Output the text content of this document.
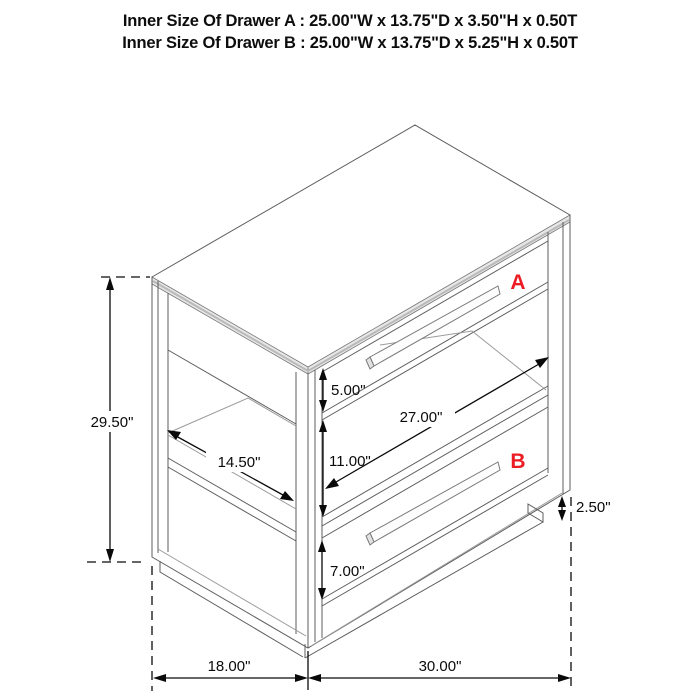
Inner Size Of Drawer A : 25.00"W x 13.75"D x 3.50"H x 0.50T
Inner Size Of Drawer B : 25.00"W x 13.75"D x 5.25"H x 0.50T
29.50"
14.50"
5.00"
11.00"
27.00"
7.00"
2.50"
18.00"	30.00"
A
B
